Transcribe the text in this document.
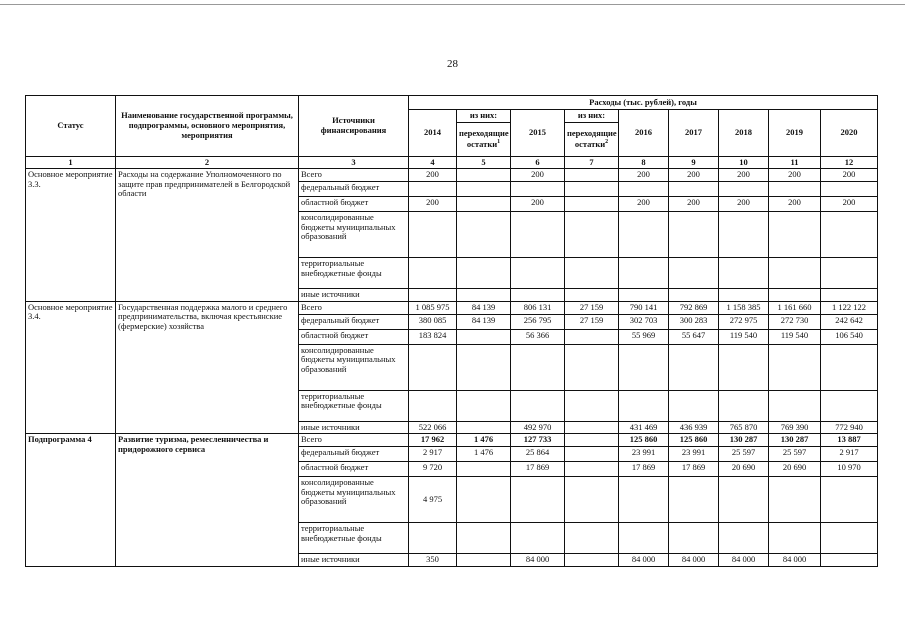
28
Статус	Наименование государственной программы, подпрограммы, основного мероприятия, мероприятия	Источники финансирования	Расходы (тыс. рублей), годы								
			2014	из них:	2015	из них:	2016	2017	2018	2019	2020
				переходящие остатки$^1$		переходящие остатки$^2$
1	2	3	4	5	6	7	8	9	10	11	12
Основное мероприятие 3.3.	Расходы на содержание Уполномоченного по защите прав предпринимателей в Белгородской области	Всего	200		200		200	200	200	200	200
		федеральный бюджет									
		областной бюджет	200		200		200	200	200	200	200
		консолидированные бюджеты муниципальных образований									
		территориальные внебюджетные фонды									
		иные источники									
Основное мероприятие 3.4.	Государственная поддержка малого и среднего предпринимательства, включая крестьянские (фермерские) хозяйства	Всего	1 085 975	84 139	806 131	27 159	790 141	792 869	1 158 385	1 161 660	1 122 122
		федеральный бюджет	380 085	84 139	256 795	27 159	302 703	300 283	272 975	272 730	242 642
		областной бюджет	183 824		56 366		55 969	55 647	119 540	119 540	106 540
		консолидированные бюджеты муниципальных образований									
		территориальные внебюджетные фонды									
		иные источники	522 066		492 970		431 469	436 939	765 870	769 390	772 940
Подпрограмма 4	Развитие туризма, ремесленничества и придорожного сервиса	Всего	17 962	1 476	127 733		125 860	125 860	130 287	130 287	13 887
		федеральный бюджет	2 917	1 476	25 864		23 991	23 991	25 597	25 597	2 917
		областной бюджет	9 720		17 869		17 869	17 869	20 690	20 690	10 970
		консолидированные бюджеты муниципальных образований	4 975								
		территориальные внебюджетные фонды									
		иные источники	350		84 000		84 000	84 000	84 000	84 000	
